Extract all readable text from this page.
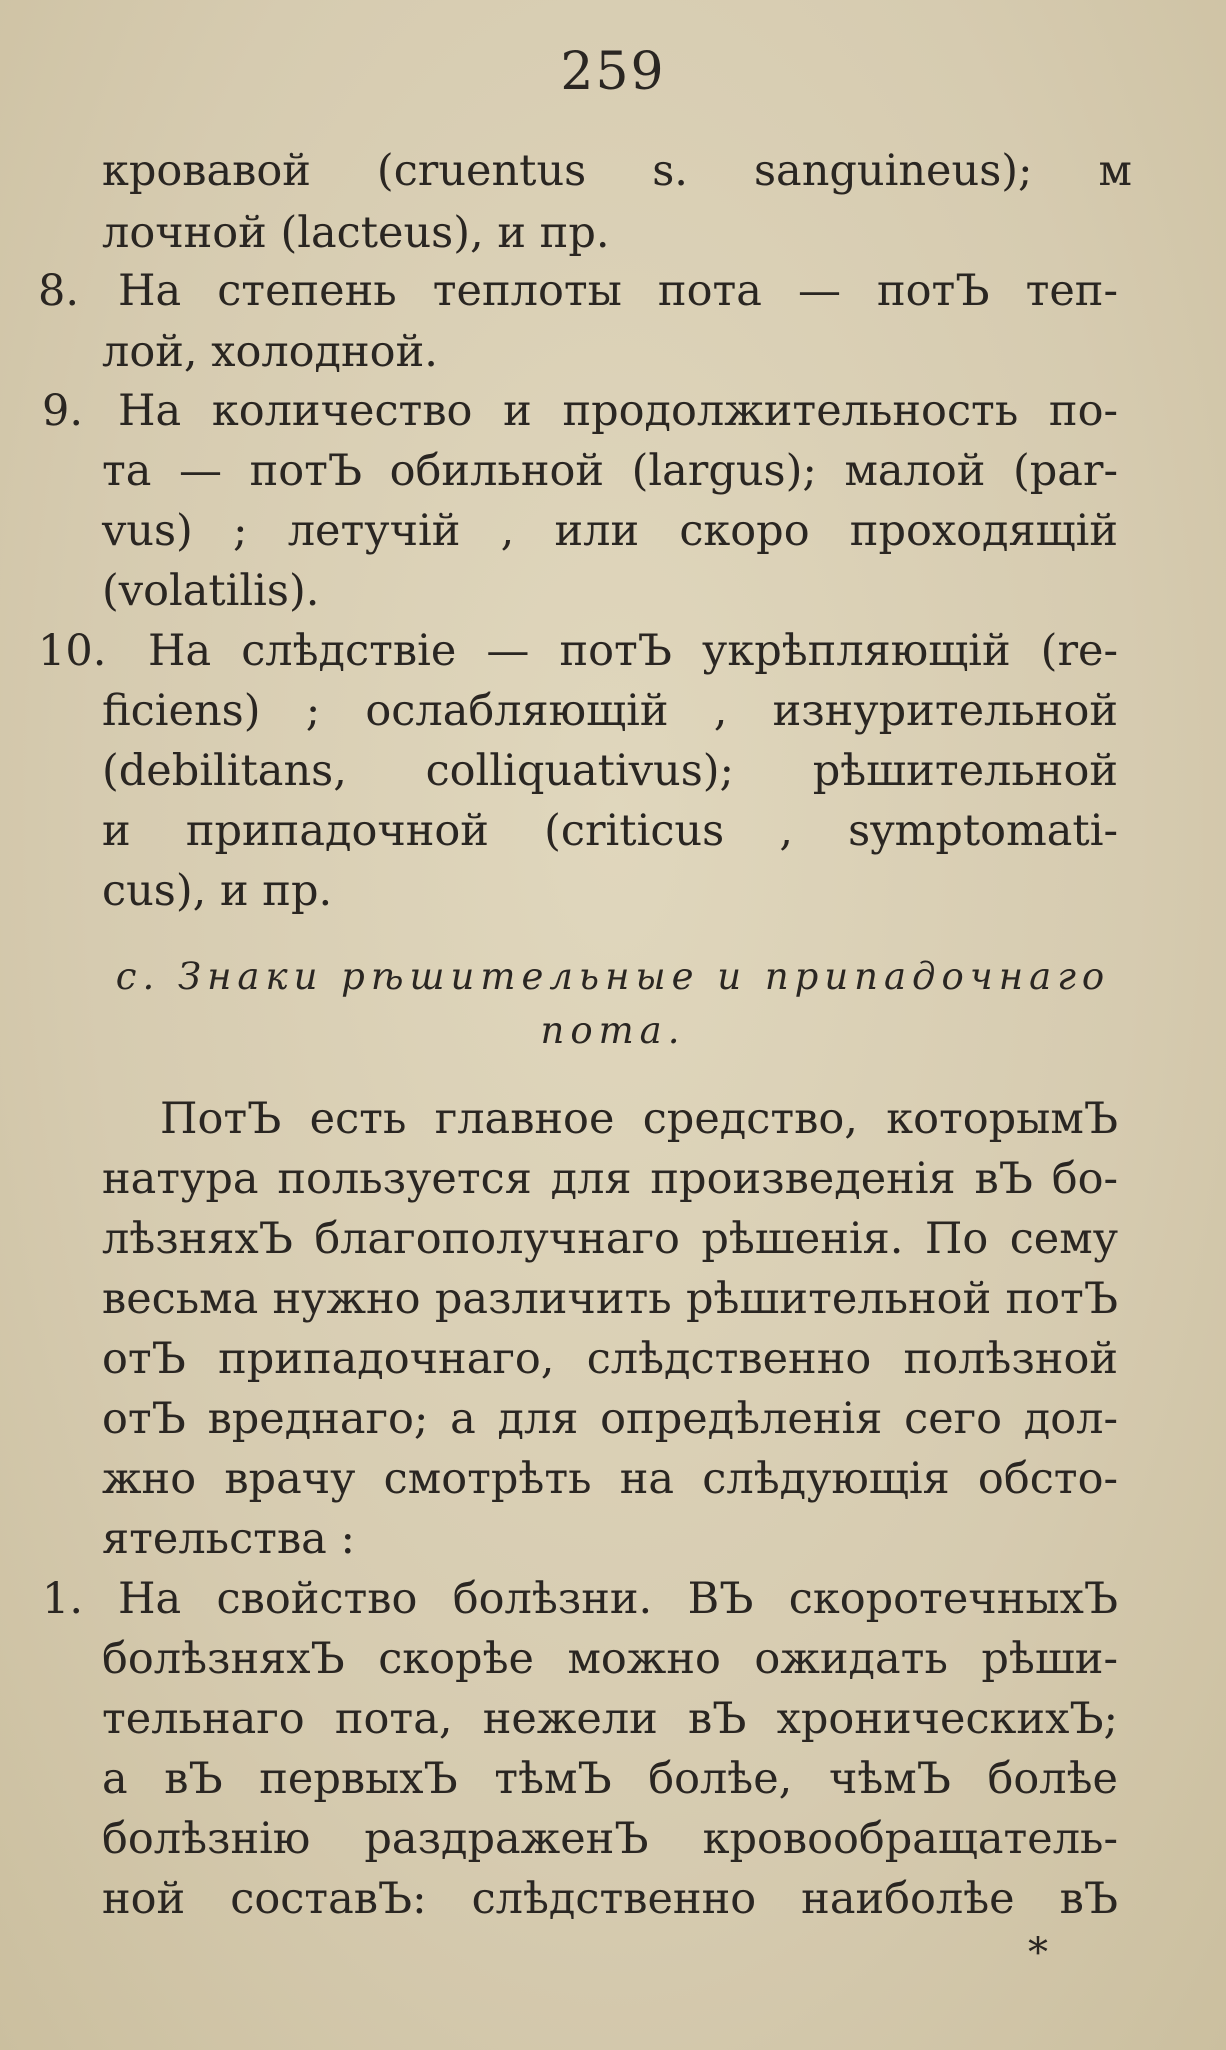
259
кровавой (cruentus s. sanguineus); м
лочной (lacteus), и пр.
8. На степень теплоты пота — потЪ теп-
лой, холодной.
9. На количество и продолжительность по-
та — потЪ обильной (largus); малой (par-
vus) ; летучій , или скоро проходящій
(volatilis).
10. На слѣдствіе — потЪ укрѣпляющій (re-
ficiens) ; ослабляющій , изнурительной
(debilitans, colliquativus); рѣшительной
и припадочной (criticus , symptomati-
cus), и пр.
c. Знаки рѣшительные и припадочнаго
пота.
ПотЪ есть главное средство, которымЪ
натура пользуется для произведенія вЪ бо-
лѣзняхЪ благополучнаго рѣшенія. По сему
весьма нужно различить рѣшительной потЪ
отЪ припадочнаго, слѣдственно полѣзной
отЪ вреднаго; а для опредѣленія сего дол-
жно врачу смотрѣть на слѣдующія обсто-
ятельства :
1. На свойство болѣзни. ВЪ скоротечныхЪ
болѣзняхЪ скорѣе можно ожидать рѣши-
тельнаго пота, нежели вЪ хроническихЪ;
а вЪ первыхЪ тѣмЪ болѣе, чѣмЪ болѣе
болѣзнію раздраженЪ кровообращатель-
ной составЪ: слѣдственно наиболѣе вЪ
*
